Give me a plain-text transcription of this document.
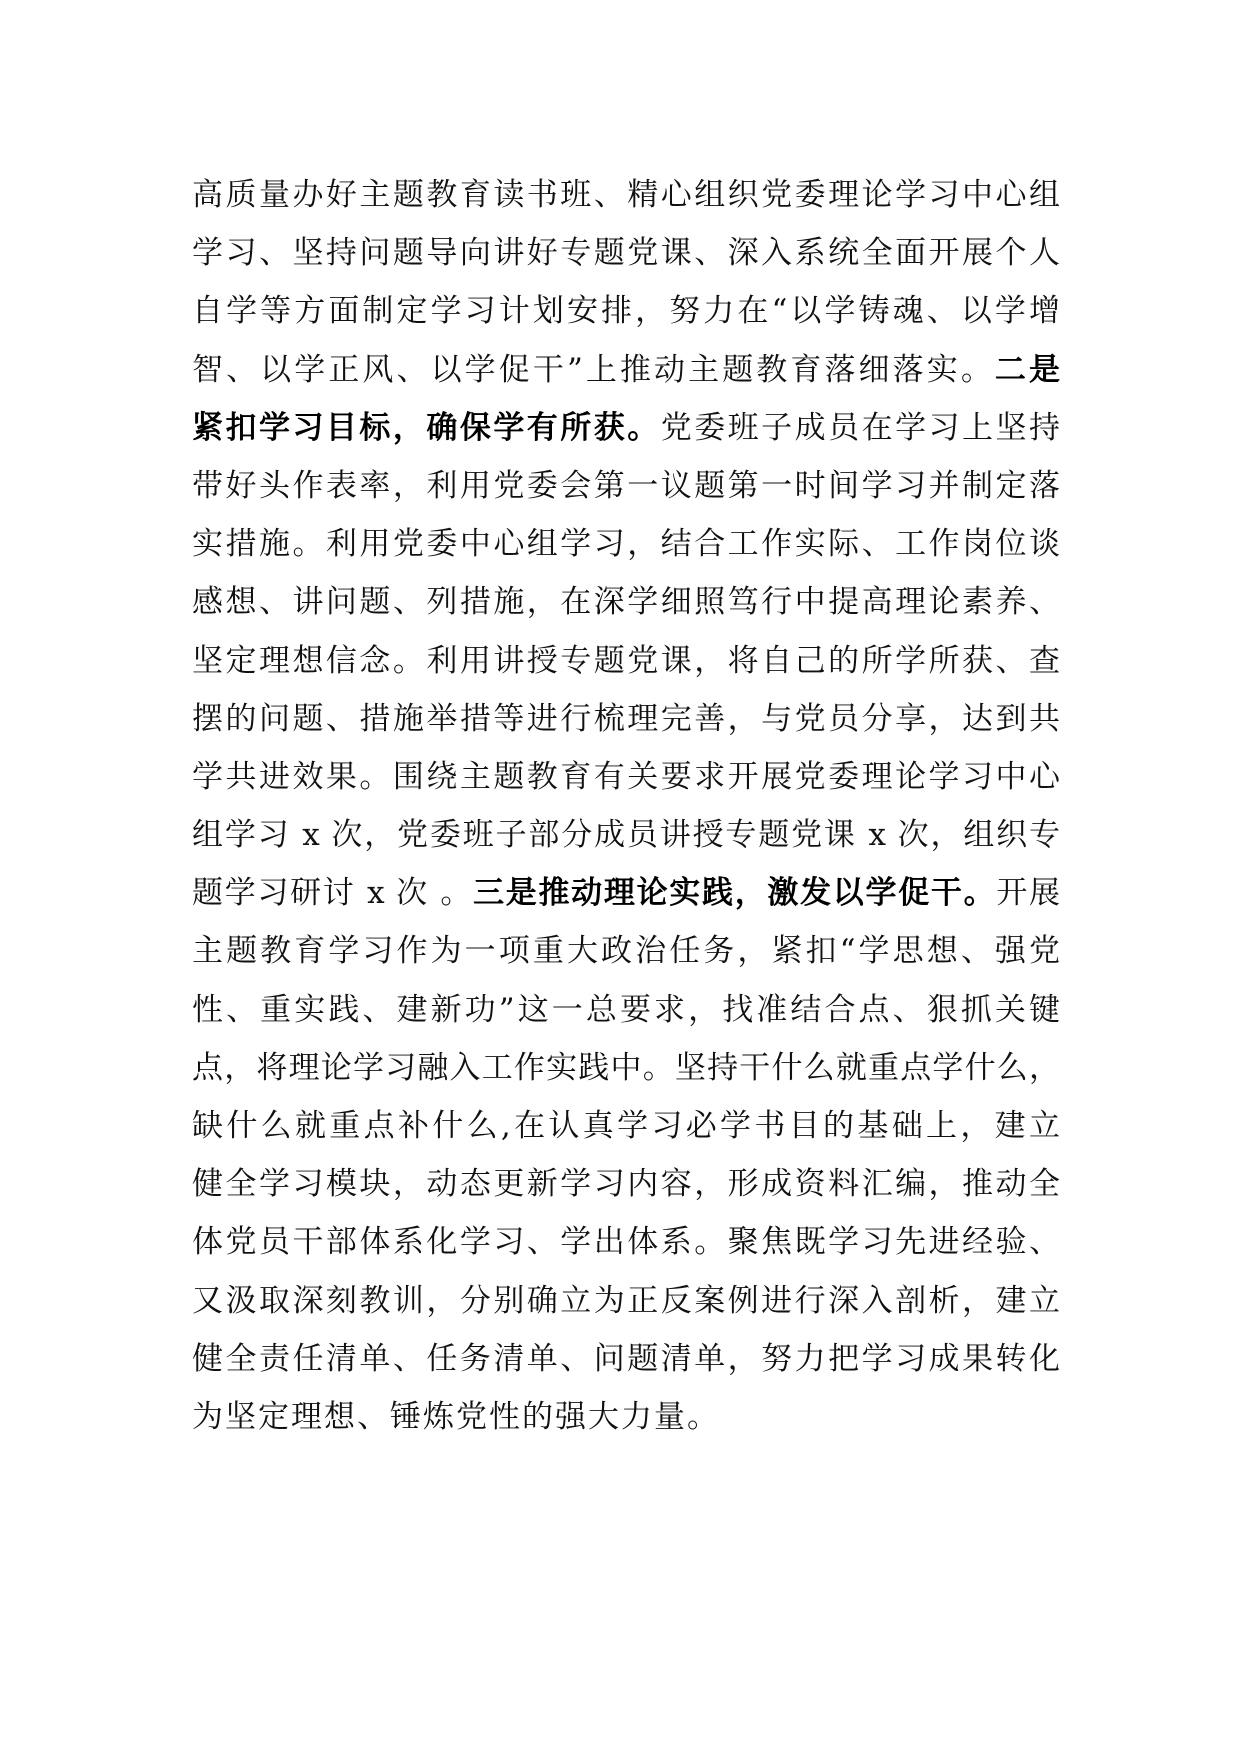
高质量办好主题教育读书班、精心组织党委理论学习中心组
学习、坚持问题导向讲好专题党课、深入系统全面开展个人
自学等方面制定学习计划安排，努力在“以学铸魂、以学增
智、以学正风、以学促干”上推动主题教育落细落实。二是
紧扣学习目标，确保学有所获。党委班子成员在学习上坚持
带好头作表率，利用党委会第一议题第一时间学习并制定落
实措施。利用党委中心组学习，结合工作实际、工作岗位谈
感想、讲问题、列措施，在深学细照笃行中提高理论素养、
坚定理想信念。利用讲授专题党课，将自己的所学所获、查
摆的问题、措施举措等进行梳理完善，与党员分享，达到共
学共进效果。围绕主题教育有关要求开展党委理论学习中心
组学习 x 次，党委班子部分成员讲授专题党课 x 次，组织专
题学习研讨 x 次 。三是推动理论实践，激发以学促干。开展
主题教育学习作为一项重大政治任务，紧扣“学思想、强党
性、重实践、建新功”这一总要求，找准结合点、狠抓关键
点，将理论学习融入工作实践中。坚持干什么就重点学什么，
缺什么就重点补什么,在认真学习必学书目的基础上，建立
健全学习模块，动态更新学习内容，形成资料汇编，推动全
体党员干部体系化学习、学出体系。聚焦既学习先进经验、
又汲取深刻教训，分别确立为正反案例进行深入剖析，建立
健全责任清单、任务清单、问题清单，努力把学习成果转化
为坚定理想、锤炼党性的强大力量。
